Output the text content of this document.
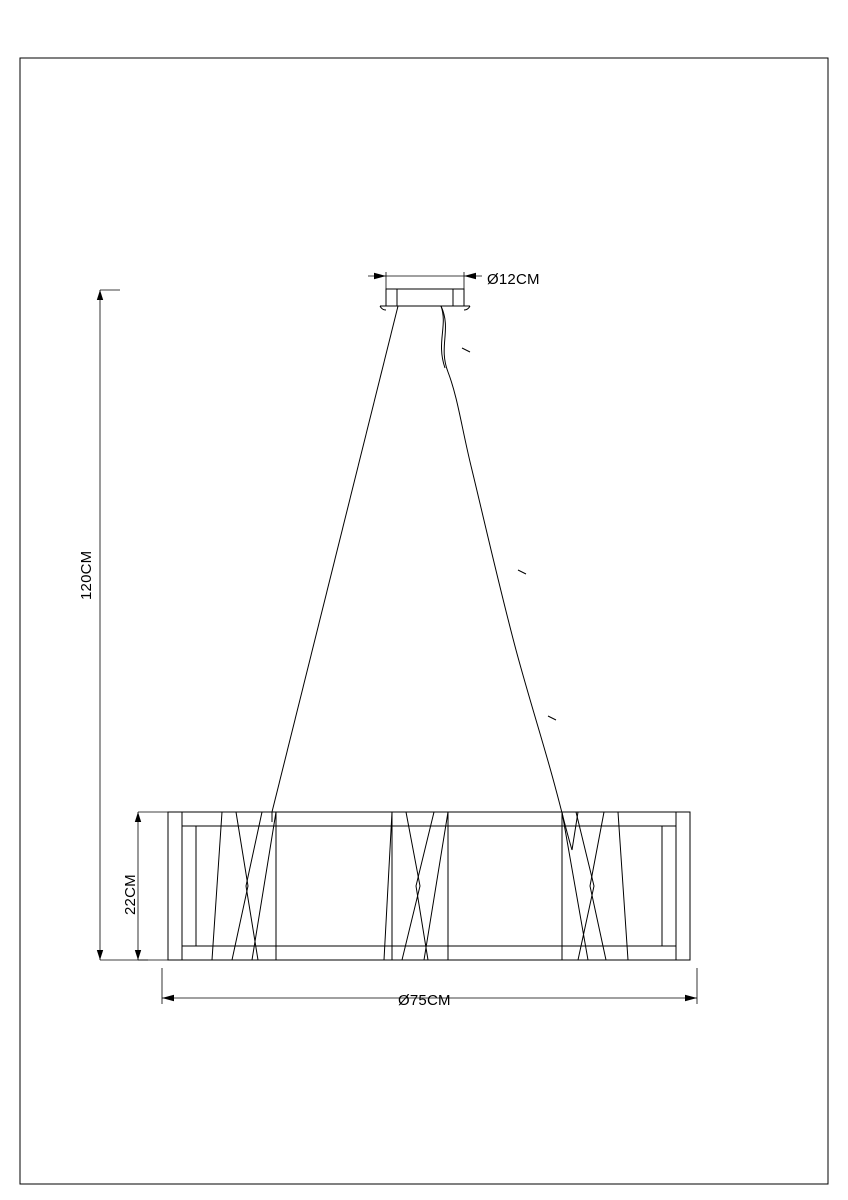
120CM
22CM
Ø12CM
Ø75CM
